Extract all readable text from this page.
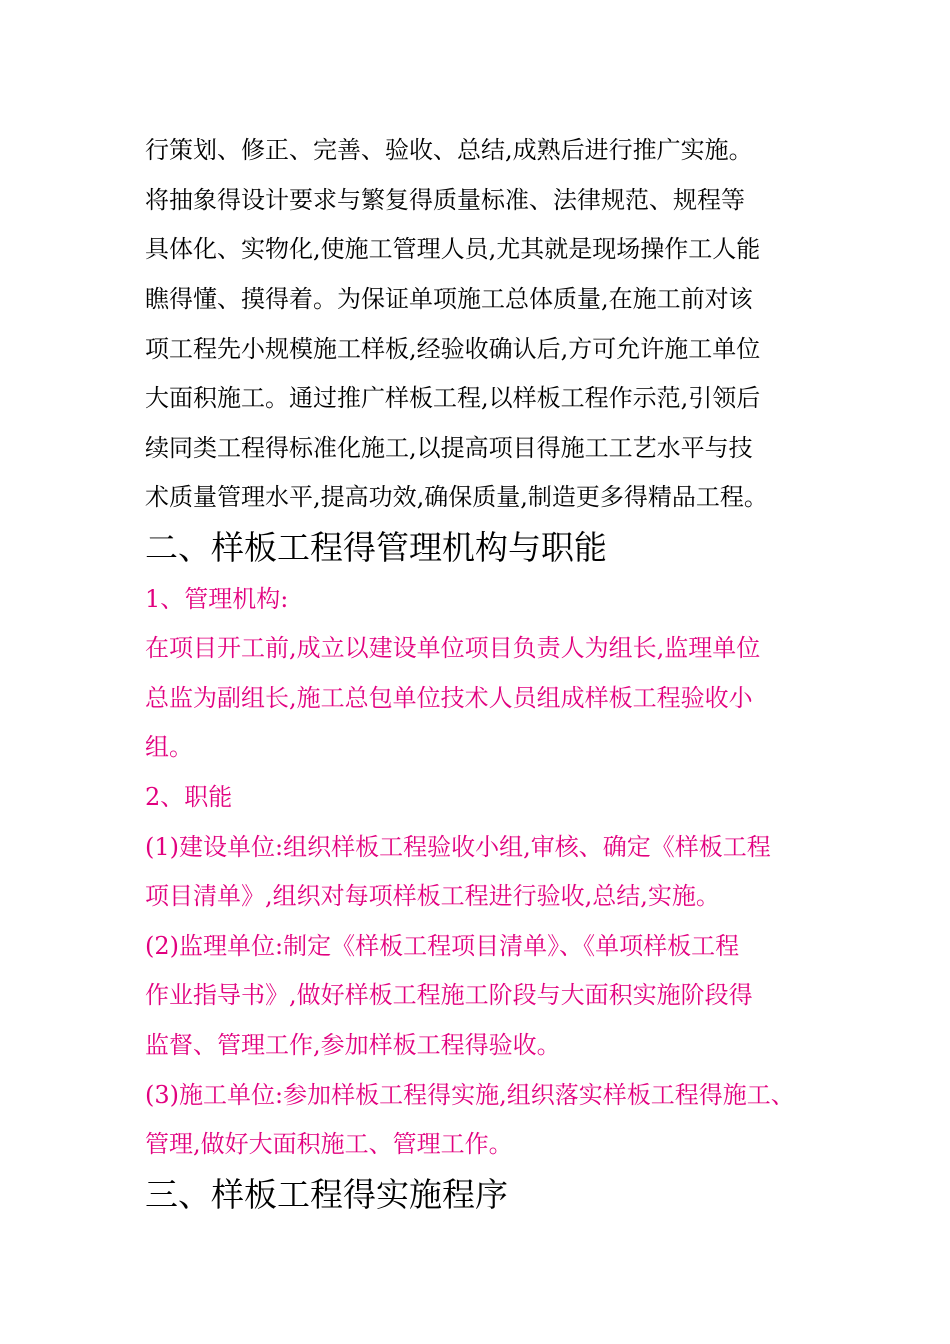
行策划、修正、完善、验收、总结,成熟后进行推广实施。
将抽象得设计要求与繁复得质量标准、法律规范、规程等
具体化、实物化,使施工管理人员,尤其就是现场操作工人能
瞧得懂、摸得着。为保证单项施工总体质量,在施工前对该
项工程先小规模施工样板,经验收确认后,方可允许施工单位
大面积施工。通过推广样板工程,以样板工程作示范,引领后
续同类工程得标准化施工,以提高项目得施工工艺水平与技
术质量管理水平,提高功效,确保质量,制造更多得精品工程。
二、样板工程得管理机构与职能
1、管理机构:
在项目开工前,成立以建设单位项目负责人为组长,监理单位
总监为副组长,施工总包单位技术人员组成样板工程验收小
组。
2、职能
(1)建设单位:组织样板工程验收小组,审核、确定《样板工程
项目清单》,组织对每项样板工程进行验收,总结,实施。
(2)监理单位:制定《样板工程项目清单》、《单项样板工程
作业指导书》,做好样板工程施工阶段与大面积实施阶段得
监督、管理工作,参加样板工程得验收。
(3)施工单位:参加样板工程得实施,组织落实样板工程得施工、
管理,做好大面积施工、管理工作。
三、样板工程得实施程序
